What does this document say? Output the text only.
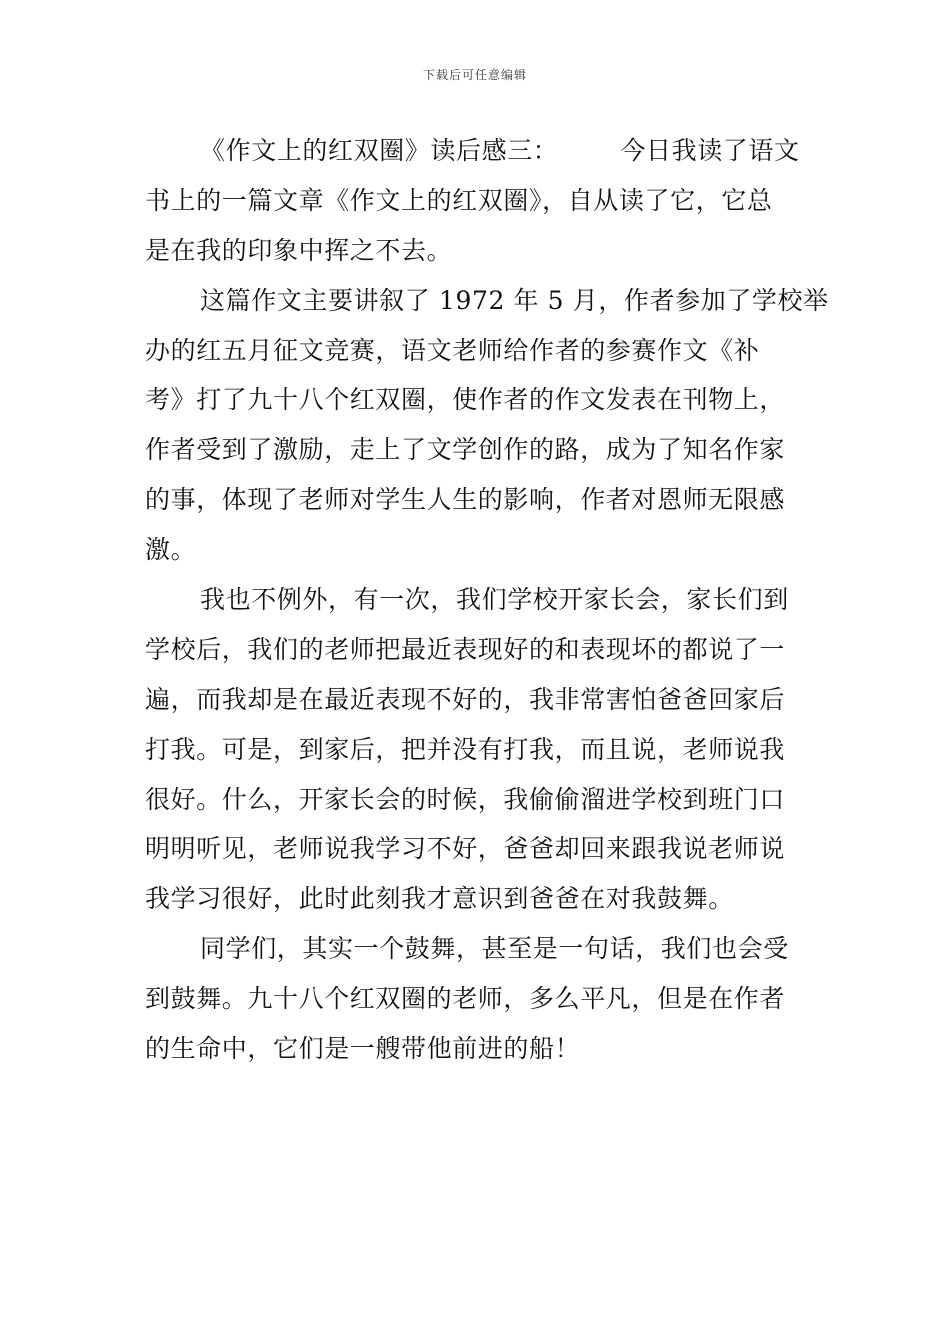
下载后可任意编辑
《作文上的红双圈》读后感三： 今日我读了语文
书上的一篇文章《作文上的红双圈》，自从读了它，它总
是在我的印象中挥之不去。
这篇作文主要讲叙了 1972 年 5 月，作者参加了学校举
办的红五月征文竞赛，语文老师给作者的参赛作文《补
考》打了九十八个红双圈，使作者的作文发表在刊物上，
作者受到了激励，走上了文学创作的路，成为了知名作家
的事，体现了老师对学生人生的影响，作者对恩师无限感
激。
我也不例外，有一次，我们学校开家长会，家长们到
学校后，我们的老师把最近表现好的和表现坏的都说了一
遍，而我却是在最近表现不好的，我非常害怕爸爸回家后
打我。可是，到家后，把并没有打我，而且说，老师说我
很好。什么，开家长会的时候，我偷偷溜进学校到班门口
明明听见，老师说我学习不好，爸爸却回来跟我说老师说
我学习很好，此时此刻我才意识到爸爸在对我鼓舞。
同学们，其实一个鼓舞，甚至是一句话，我们也会受
到鼓舞。九十八个红双圈的老师，多么平凡，但是在作者
的生命中，它们是一艘带他前进的船！
